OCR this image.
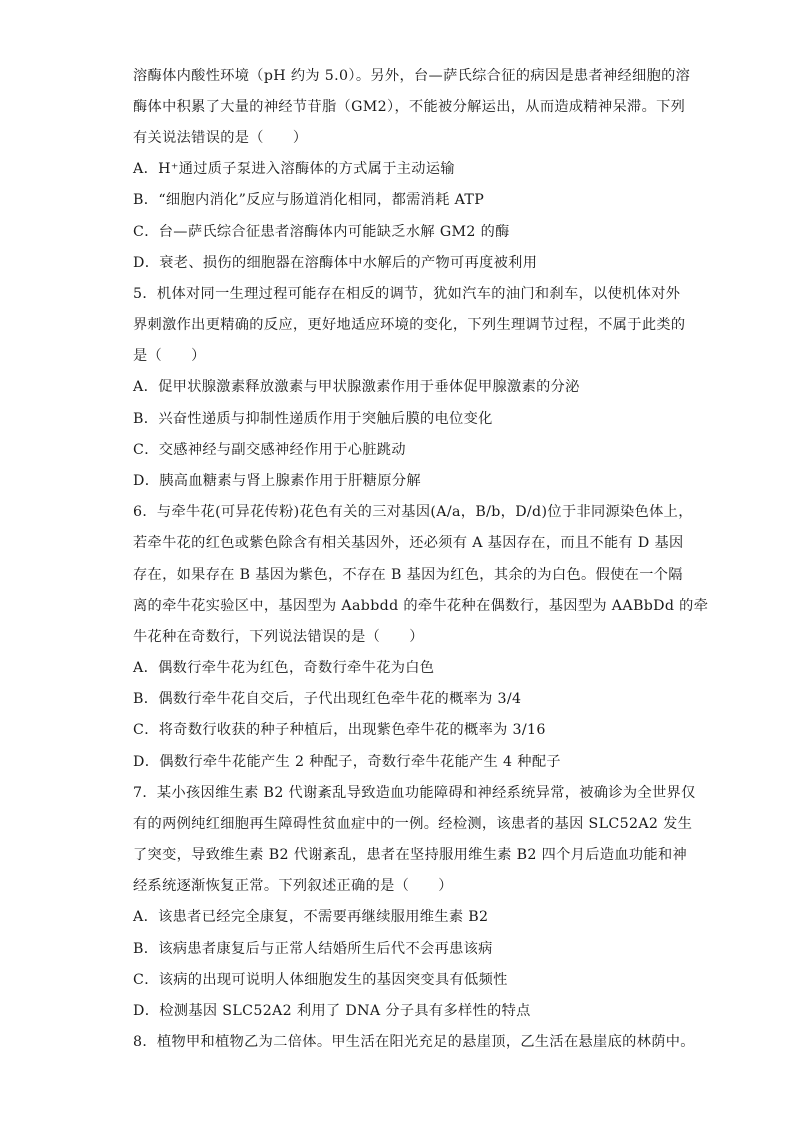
溶酶体内酸性环境（pH 约为 5.0）。另外，台—萨氏综合征的病因是患者神经细胞的溶
酶体中积累了大量的神经节苷脂（GM2），不能被分解运出，从而造成精神呆滞。下列
有关说法错误的是（　　）
A．H⁺通过质子泵进入溶酶体的方式属于主动运输
B．“细胞内消化”反应与肠道消化相同，都需消耗 ATP
C．台—萨氏综合征患者溶酶体内可能缺乏水解 GM2 的酶
D．衰老、损伤的细胞器在溶酶体中水解后的产物可再度被利用
5．机体对同一生理过程可能存在相反的调节，犹如汽车的油门和刹车，以使机体对外
界刺激作出更精确的反应，更好地适应环境的变化，下列生理调节过程，不属于此类的
是（　　）
A．促甲状腺激素释放激素与甲状腺激素作用于垂体促甲腺激素的分泌
B．兴奋性递质与抑制性递质作用于突触后膜的电位变化
C．交感神经与副交感神经作用于心脏跳动
D．胰高血糖素与肾上腺素作用于肝糖原分解
6．与牵牛花(可异花传粉)花色有关的三对基因(A/a，B/b，D/d)位于非同源染色体上，
若牵牛花的红色或紫色除含有相关基因外，还必须有 A 基因存在，而且不能有 D 基因
存在，如果存在 B 基因为紫色，不存在 B 基因为红色，其余的为白色。假使在一个隔
离的牵牛花实验区中，基因型为 Aabbdd 的牵牛花种在偶数行，基因型为 AABbDd 的牵
牛花种在奇数行，下列说法错误的是（　　）
A．偶数行牵牛花为红色，奇数行牵牛花为白色
B．偶数行牵牛花自交后，子代出现红色牵牛花的概率为 3/4
C．将奇数行收获的种子种植后，出现紫色牵牛花的概率为 3/16
D．偶数行牵牛花能产生 2 种配子，奇数行牵牛花能产生 4 种配子
7．某小孩因维生素 B2 代谢紊乱导致造血功能障碍和神经系统异常，被确诊为全世界仅
有的两例纯红细胞再生障碍性贫血症中的一例。经检测，该患者的基因 SLC52A2 发生
了突变，导致维生素 B2 代谢紊乱，患者在坚持服用维生素 B2 四个月后造血功能和神
经系统逐渐恢复正常。下列叙述正确的是（　　）
A．该患者已经完全康复，不需要再继续服用维生素 B2
B．该病患者康复后与正常人结婚所生后代不会再患该病
C．该病的出现可说明人体细胞发生的基因突变具有低频性
D．检测基因 SLC52A2 利用了 DNA 分子具有多样性的特点
8．植物甲和植物乙为二倍体。甲生活在阳光充足的悬崖顶，乙生活在悬崖底的林荫中。
